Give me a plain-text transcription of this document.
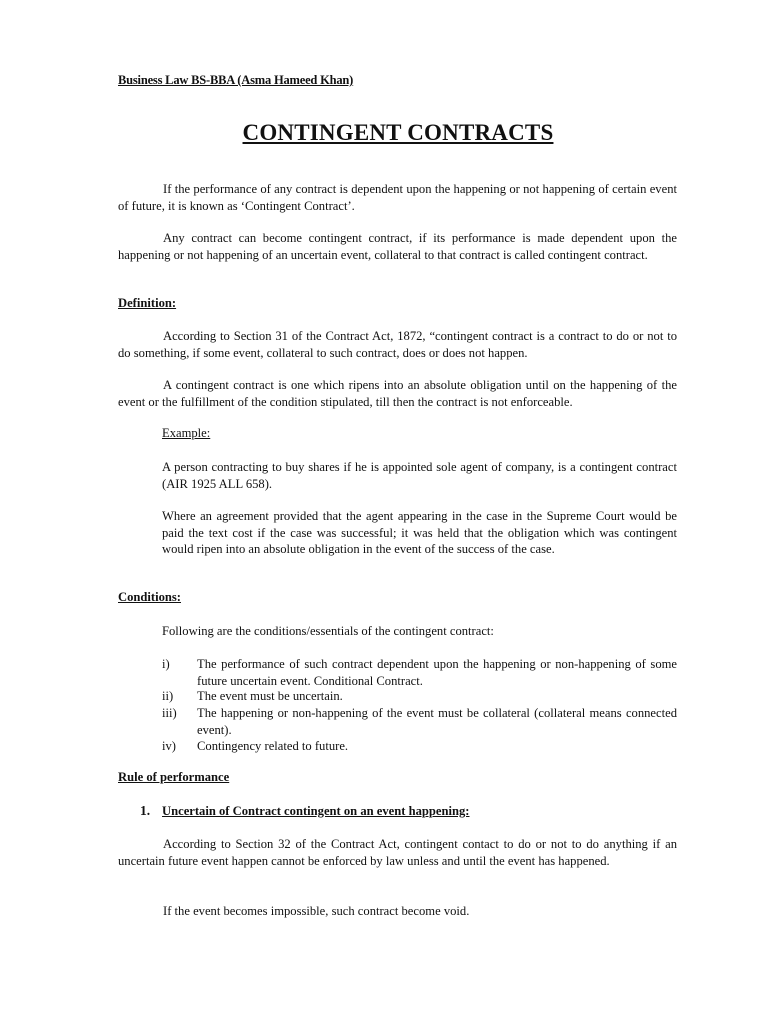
Business Law BS-BBA (Asma Hameed Khan)
CONTINGENT CONTRACTS

If the performance of any contract is dependent upon the happening or not happening of certain event of future, it is known as ‘Contingent Contract’.

Any contract can become contingent contract, if its performance is made dependent upon the happening or not happening of an uncertain event, collateral to that contract is called contingent contract.

Definition:

According to Section 31 of the Contract Act, 1872, “contingent contract is a contract to do or not to do something, if some event, collateral to such contract, does or does not happen.

A contingent contract is one which ripens into an absolute obligation until on the happening of the event or the fulfillment of the condition stipulated, till then the contract is not enforceable.

Example:

A person contracting to buy shares if he is appointed sole agent of company, is a contingent contract (AIR 1925 ALL 658).

Where an agreement provided that the agent appearing in the case in the Supreme Court would be paid the text cost if the case was successful; it was held that the obligation which was contingent would ripen into an absolute obligation in the event of the success of the case.

Conditions:

Following are the conditions/essentials of the contingent contract:

i)	The performance of such contract dependent upon the happening or non-happening of some future uncertain event. Conditional Contract.
ii)	The event must be uncertain.
iii)	The happening or non-happening of the event must be collateral (collateral means connected event).
iv)	Contingency related to future.
Rule of performance
1. Uncertain of Contract contingent on an event happening:

According to Section 32 of the Contract Act, contingent contact to do or not to do anything if an uncertain future event happen cannot be enforced by law unless and until the event has happened.

If the event becomes impossible, such contract become void.
